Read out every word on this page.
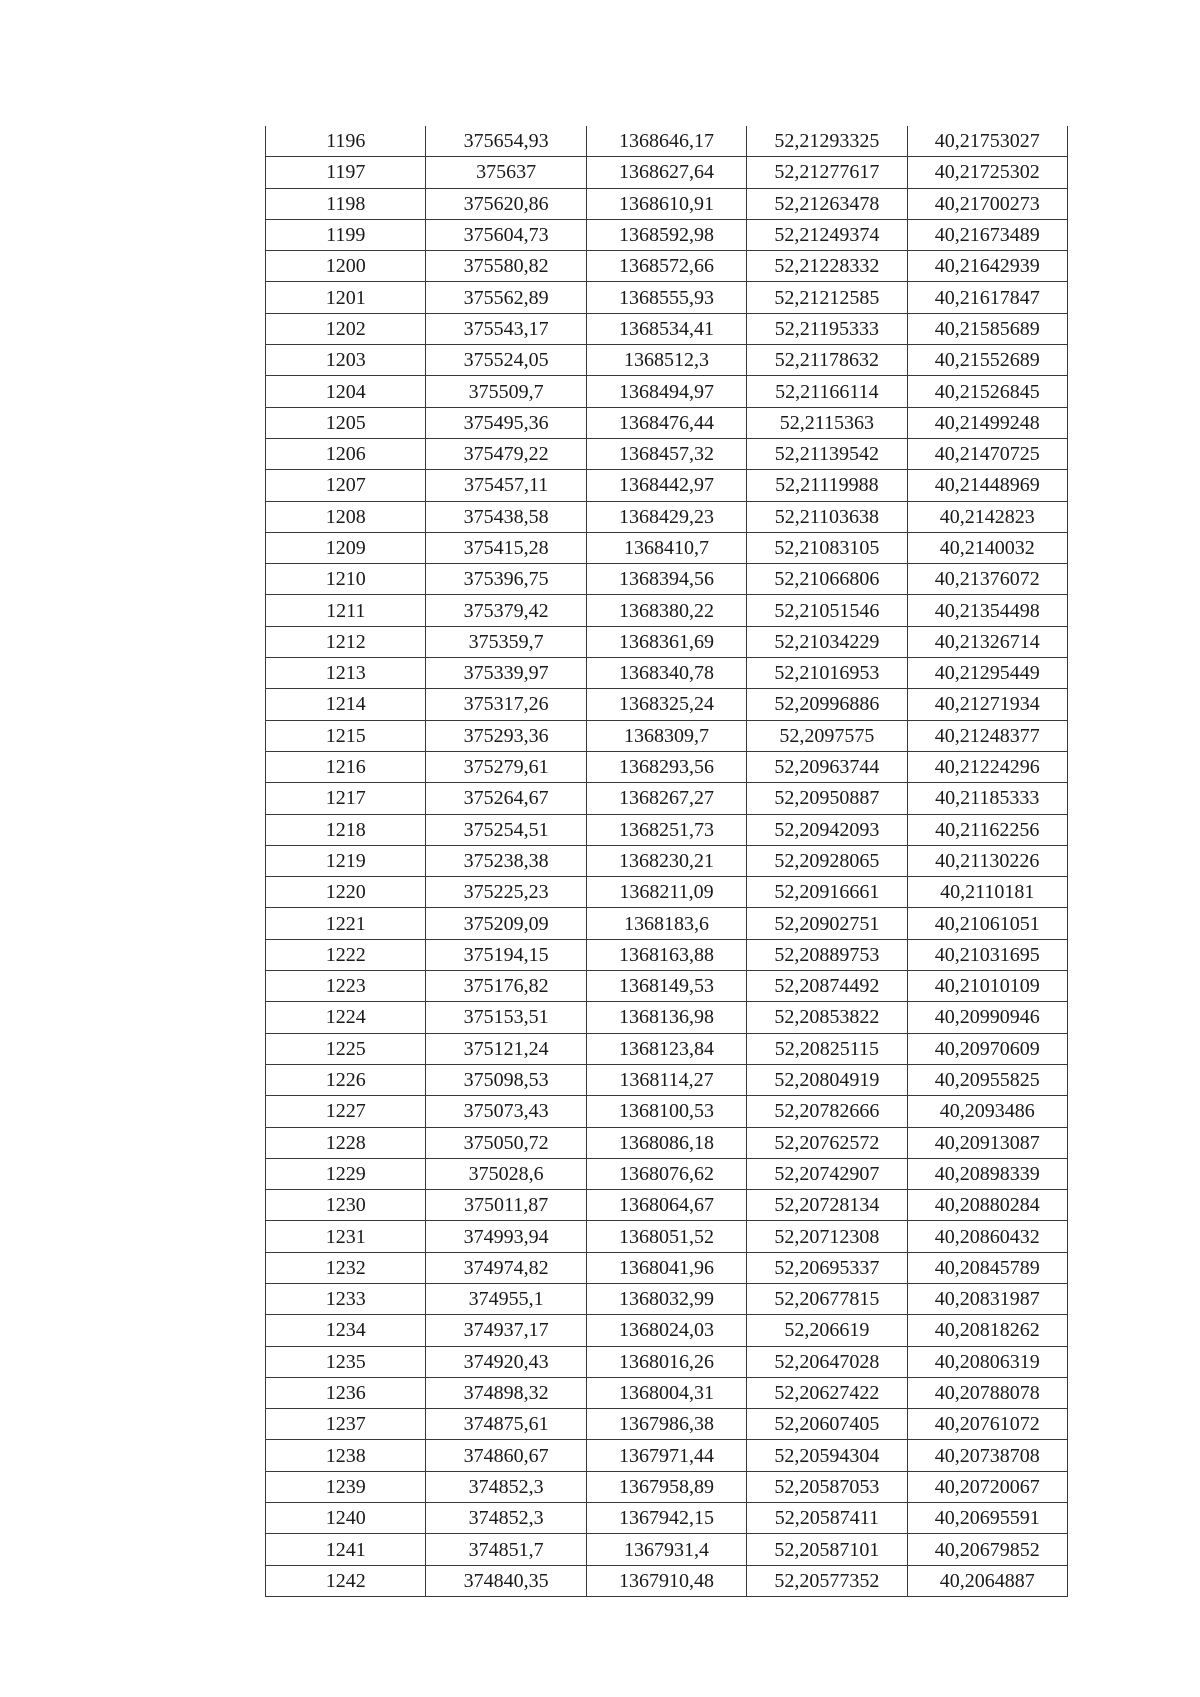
1196	375654,93	1368646,17	52,21293325	40,21753027
1197	375637	1368627,64	52,21277617	40,21725302
1198	375620,86	1368610,91	52,21263478	40,21700273
1199	375604,73	1368592,98	52,21249374	40,21673489
1200	375580,82	1368572,66	52,21228332	40,21642939
1201	375562,89	1368555,93	52,21212585	40,21617847
1202	375543,17	1368534,41	52,21195333	40,21585689
1203	375524,05	1368512,3	52,21178632	40,21552689
1204	375509,7	1368494,97	52,21166114	40,21526845
1205	375495,36	1368476,44	52,2115363	40,21499248
1206	375479,22	1368457,32	52,21139542	40,21470725
1207	375457,11	1368442,97	52,21119988	40,21448969
1208	375438,58	1368429,23	52,21103638	40,2142823
1209	375415,28	1368410,7	52,21083105	40,2140032
1210	375396,75	1368394,56	52,21066806	40,21376072
1211	375379,42	1368380,22	52,21051546	40,21354498
1212	375359,7	1368361,69	52,21034229	40,21326714
1213	375339,97	1368340,78	52,21016953	40,21295449
1214	375317,26	1368325,24	52,20996886	40,21271934
1215	375293,36	1368309,7	52,2097575	40,21248377
1216	375279,61	1368293,56	52,20963744	40,21224296
1217	375264,67	1368267,27	52,20950887	40,21185333
1218	375254,51	1368251,73	52,20942093	40,21162256
1219	375238,38	1368230,21	52,20928065	40,21130226
1220	375225,23	1368211,09	52,20916661	40,2110181
1221	375209,09	1368183,6	52,20902751	40,21061051
1222	375194,15	1368163,88	52,20889753	40,21031695
1223	375176,82	1368149,53	52,20874492	40,21010109
1224	375153,51	1368136,98	52,20853822	40,20990946
1225	375121,24	1368123,84	52,20825115	40,20970609
1226	375098,53	1368114,27	52,20804919	40,20955825
1227	375073,43	1368100,53	52,20782666	40,2093486
1228	375050,72	1368086,18	52,20762572	40,20913087
1229	375028,6	1368076,62	52,20742907	40,20898339
1230	375011,87	1368064,67	52,20728134	40,20880284
1231	374993,94	1368051,52	52,20712308	40,20860432
1232	374974,82	1368041,96	52,20695337	40,20845789
1233	374955,1	1368032,99	52,20677815	40,20831987
1234	374937,17	1368024,03	52,206619	40,20818262
1235	374920,43	1368016,26	52,20647028	40,20806319
1236	374898,32	1368004,31	52,20627422	40,20788078
1237	374875,61	1367986,38	52,20607405	40,20761072
1238	374860,67	1367971,44	52,20594304	40,20738708
1239	374852,3	1367958,89	52,20587053	40,20720067
1240	374852,3	1367942,15	52,20587411	40,20695591
1241	374851,7	1367931,4	52,20587101	40,20679852
1242	374840,35	1367910,48	52,20577352	40,2064887
